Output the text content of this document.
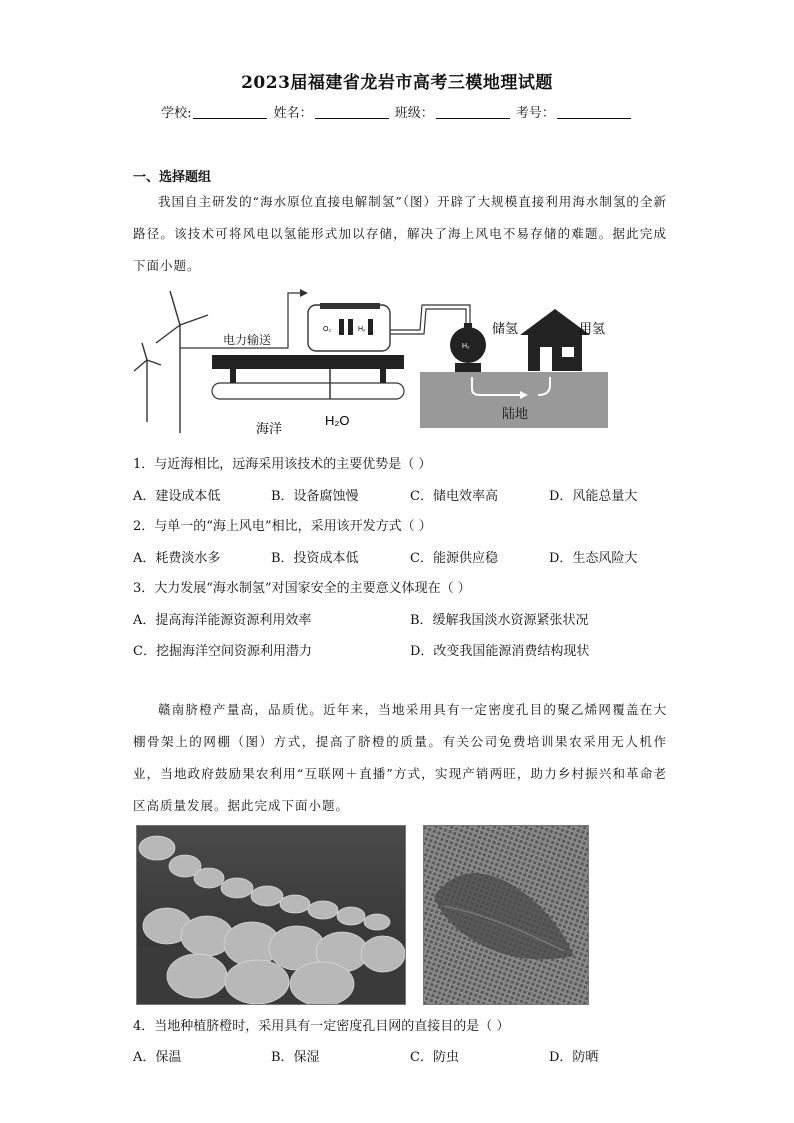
2023届福建省龙岩市高考三模地理试题
学校:	姓名：	班级：	考号：
一、选择题组
我国自主研发的“海水原位直接电解制氢”（图）开辟了大规模直接利用海水制氢的全新路径。该技术可将风电以氢能形式加以存储，解决了海上风电不易存储的难题。据此完成下面小题。
电力输送
O₂	H₂
H₂
储氢	用氢
陆地
海洋
H₂O
1．与近海相比，远海采用该技术的主要优势是（ ）
A．建设成本低	B．设备腐蚀慢	C．储电效率高	D．风能总量大
2．与单一的“海上风电”相比，采用该开发方式（ ）
A．耗费淡水多	B．投资成本低	C．能源供应稳	D．生态风险大
3．大力发展“海水制氢”对国家安全的主要意义体现在（ ）
A．提高海洋能源资源利用效率	B．缓解我国淡水资源紧张状况
C．挖掘海洋空间资源利用潜力	D．改变我国能源消费结构现状
赣南脐橙产量高，品质优。近年来，当地采用具有一定密度孔目的聚乙烯网覆盖在大棚骨架上的网棚（图）方式，提高了脐橙的质量。有关公司免费培训果农采用无人机作业，当地政府鼓励果农利用“互联网＋直播”方式，实现产销两旺，助力乡村振兴和革命老区高质量发展。据此完成下面小题。
4．当地种植脐橙时，采用具有一定密度孔目网的直接目的是（ ）
A．保温	B．保湿	C．防虫	D．防晒
